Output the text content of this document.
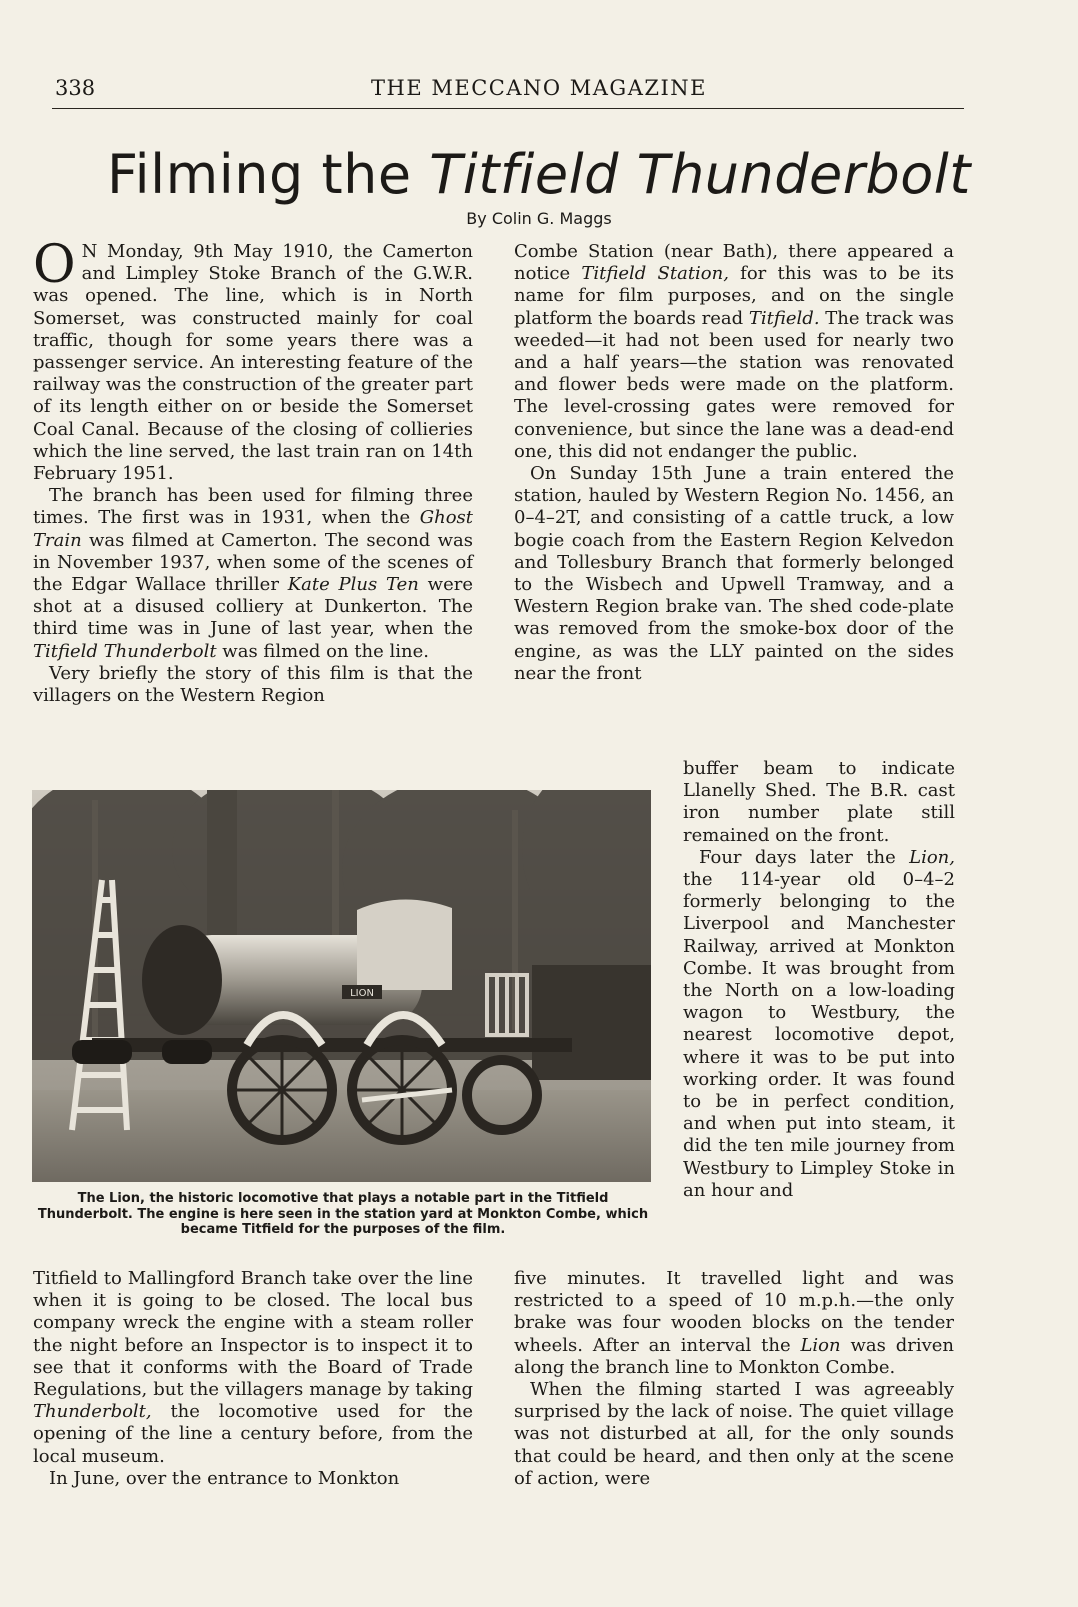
338	THE MECCANO MAGAZINE
Filming the Titfield Thunderbolt
By Colin G. Maggs

O N Monday, 9th May 1910, the Camerton and Limpley Stoke Branch of the G.W.R. was opened. The line, which is in North Somerset, was constructed mainly for coal traffic, though for some years there was a passenger service. An interesting feature of the railway was the construction of the greater part of its length either on or beside the Somerset Coal Canal. Because of the closing of collieries which the line served, the last train ran on 14th February 1951.

The branch has been used for filming three times. The first was in 1931, when the Ghost Train was filmed at Camerton. The second was in November 1937, when some of the scenes of the Edgar Wallace thriller Kate Plus Ten were shot at a disused colliery at Dunkerton. The third time was in June of last year, when the Titfield Thunderbolt was filmed on the line.

Very briefly the story of this film is that the villagers on the Western Region

Combe Station (near Bath), there appeared a notice Titfield Station, for this was to be its name for film purposes, and on the single platform the boards read Titfield. The track was weeded—it had not been used for nearly two and a half years—the station was renovated and flower beds were made on the platform. The level-crossing gates were removed for convenience, but since the lane was a dead-end one, this did not endanger the public.

On Sunday 15th June a train entered the station, hauled by Western Region No. 1456, an 0–4–2T, and consisting of a cattle truck, a low bogie coach from the Eastern Region Kelvedon and Tollesbury Branch that formerly belonged to the Wisbech and Upwell Tramway, and a Western Region brake van. The shed code-plate was removed from the smoke-box door of the engine, as was the LLY painted on the sides near the front

LION
The Lion, the historic locomotive that plays a notable part in the Titfield Thunderbolt. The engine is here seen in the station yard at Monkton Combe, which became Titfield for the purposes of the film.

buffer beam to indicate Llanelly Shed. The B.R. cast iron number plate still remained on the front.

Four days later the Lion, the 114-year old 0–4–2 formerly belonging to the Liverpool and Manchester Railway, arrived at Monkton Combe. It was brought from the North on a low-loading wagon to Westbury, the nearest locomotive depot, where it was to be put into working order. It was found to be in perfect condition, and when put into steam, it did the ten mile journey from Westbury to Limpley Stoke in an hour and

Titfield to Mallingford Branch take over the line when it is going to be closed. The local bus company wreck the engine with a steam roller the night before an Inspector is to inspect it to see that it conforms with the Board of Trade Regulations, but the villagers manage by taking Thunderbolt, the locomotive used for the opening of the line a century before, from the local museum.

In June, over the entrance to Monkton

five minutes. It travelled light and was restricted to a speed of 10 m.p.h.—the only brake was four wooden blocks on the tender wheels. After an interval the Lion was driven along the branch line to Monkton Combe.

When the filming started I was agreeably surprised by the lack of noise. The quiet village was not disturbed at all, for the only sounds that could be heard, and then only at the scene of action, were
